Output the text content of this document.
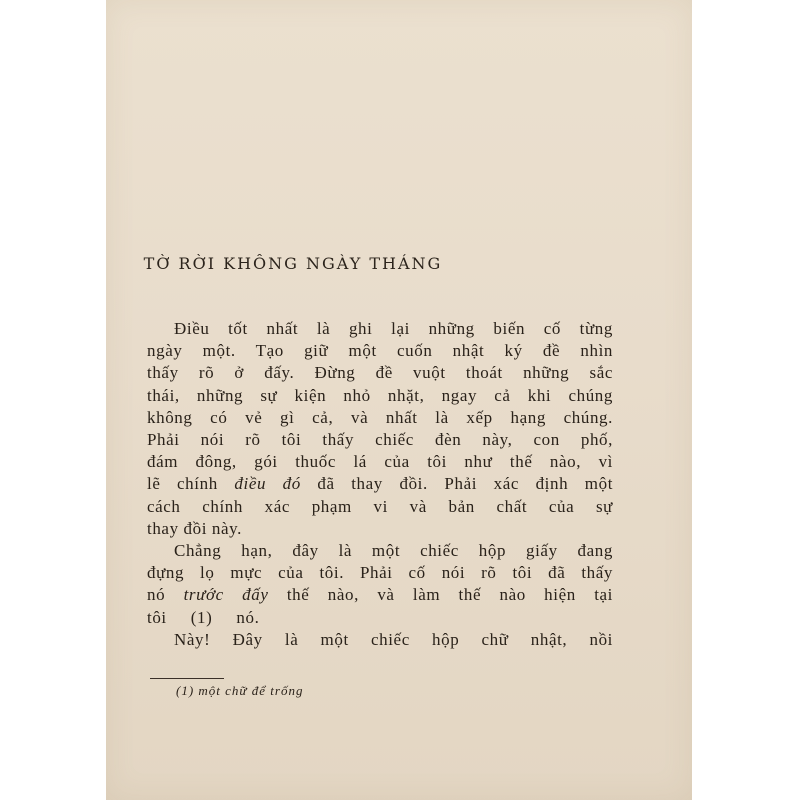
TỜ RỜI KHÔNG NGÀY THÁNG
Điều tốt nhất là ghi lại những biến cố từng
ngày một. Tạo giữ một cuốn nhật ký đề nhìn
thấy rõ ở đấy. Đừng đề vuột thoát những sắc
thái, những sự kiện nhỏ nhặt, ngay cả khi chúng
không có vẻ gì cả, và nhất là xếp hạng chúng.
Phải nói rõ tôi thấy chiếc đèn này, con phố,
đám đông, gói thuốc lá của tôi như thế nào, vì
lẽ chính điều đó đã thay đồi. Phải xác định một
cách chính xác phạm vi và bản chất của sự
thay đồi này.
Chẳng hạn, đây là một chiếc hộp giấy đang
đựng lọ mực của tôi. Phải cố nói rõ tôi đã thấy
nó trước đấy thế nào, và làm thế nào hiện tại
tôi (1) nó.
Này! Đây là một chiếc hộp chữ nhật, nồi
(1) một chữ để trống
